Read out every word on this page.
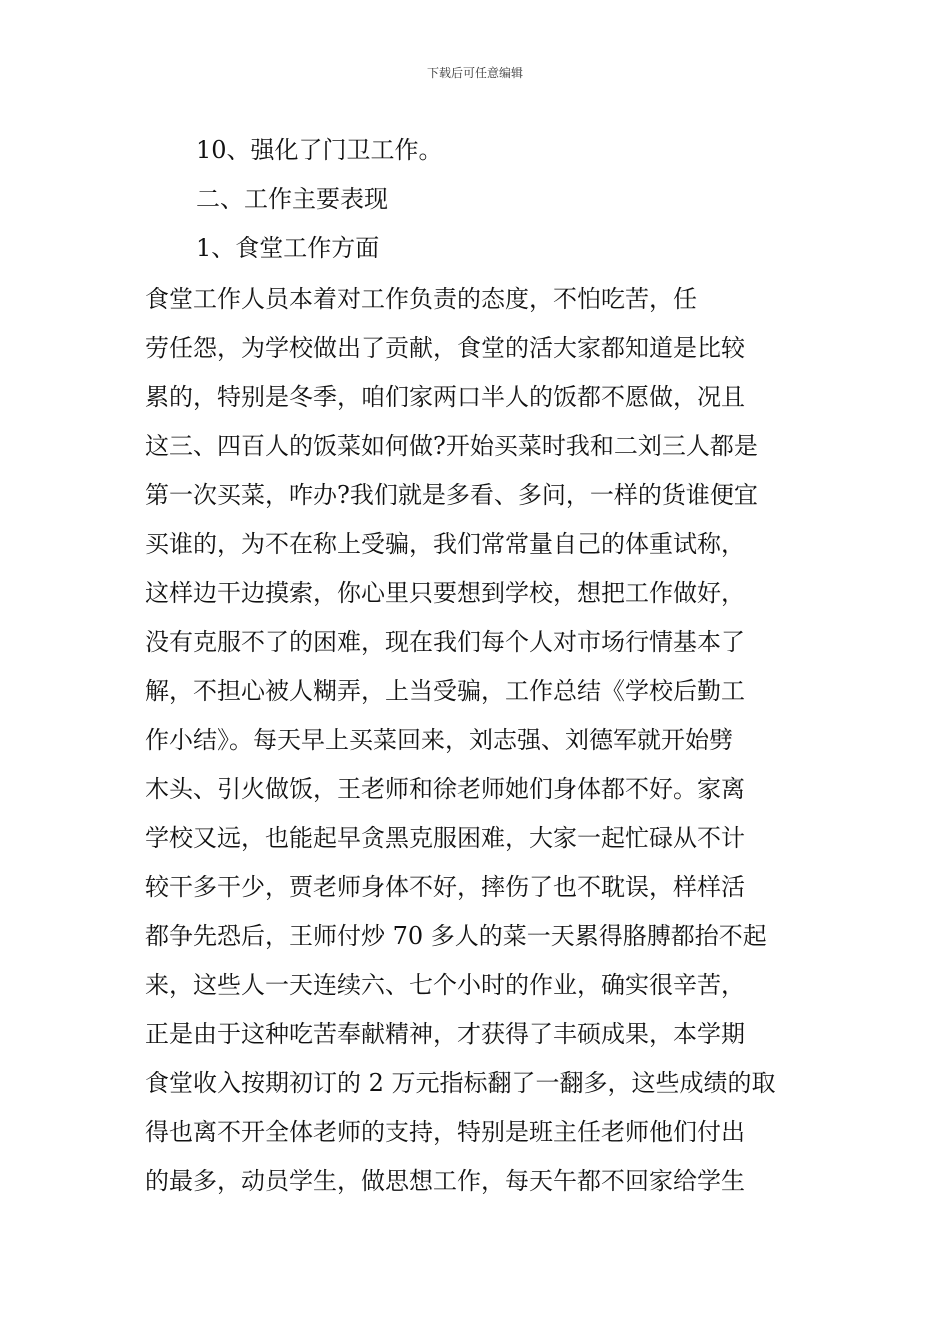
下载后可任意编辑
10、强化了门卫工作。
二、工作主要表现
1、食堂工作方面
食堂工作人员本着对工作负责的态度，不怕吃苦，任
劳任怨，为学校做出了贡献，食堂的活大家都知道是比较
累的，特别是冬季，咱们家两口半人的饭都不愿做，况且
这三、四百人的饭菜如何做?开始买菜时我和二刘三人都是
第一次买菜，咋办?我们就是多看、多问，一样的货谁便宜
买谁的，为不在称上受骗，我们常常量自己的体重试称，
这样边干边摸索，你心里只要想到学校，想把工作做好，
没有克服不了的困难，现在我们每个人对市场行情基本了
解，不担心被人糊弄，上当受骗，工作总结《学校后勤工
作小结》。每天早上买菜回来，刘志强、刘德军就开始劈
木头、引火做饭，王老师和徐老师她们身体都不好。家离
学校又远，也能起早贪黑克服困难，大家一起忙碌从不计
较干多干少，贾老师身体不好，摔伤了也不耽误，样样活
都争先恐后，王师付炒 70 多人的菜一天累得胳膊都抬不起
来，这些人一天连续六、七个小时的作业，确实很辛苦，
正是由于这种吃苦奉献精神，才获得了丰硕成果，本学期
食堂收入按期初订的 2 万元指标翻了一翻多，这些成绩的取
得也离不开全体老师的支持，特别是班主任老师他们付出
的最多，动员学生，做思想工作，每天午都不回家给学生
